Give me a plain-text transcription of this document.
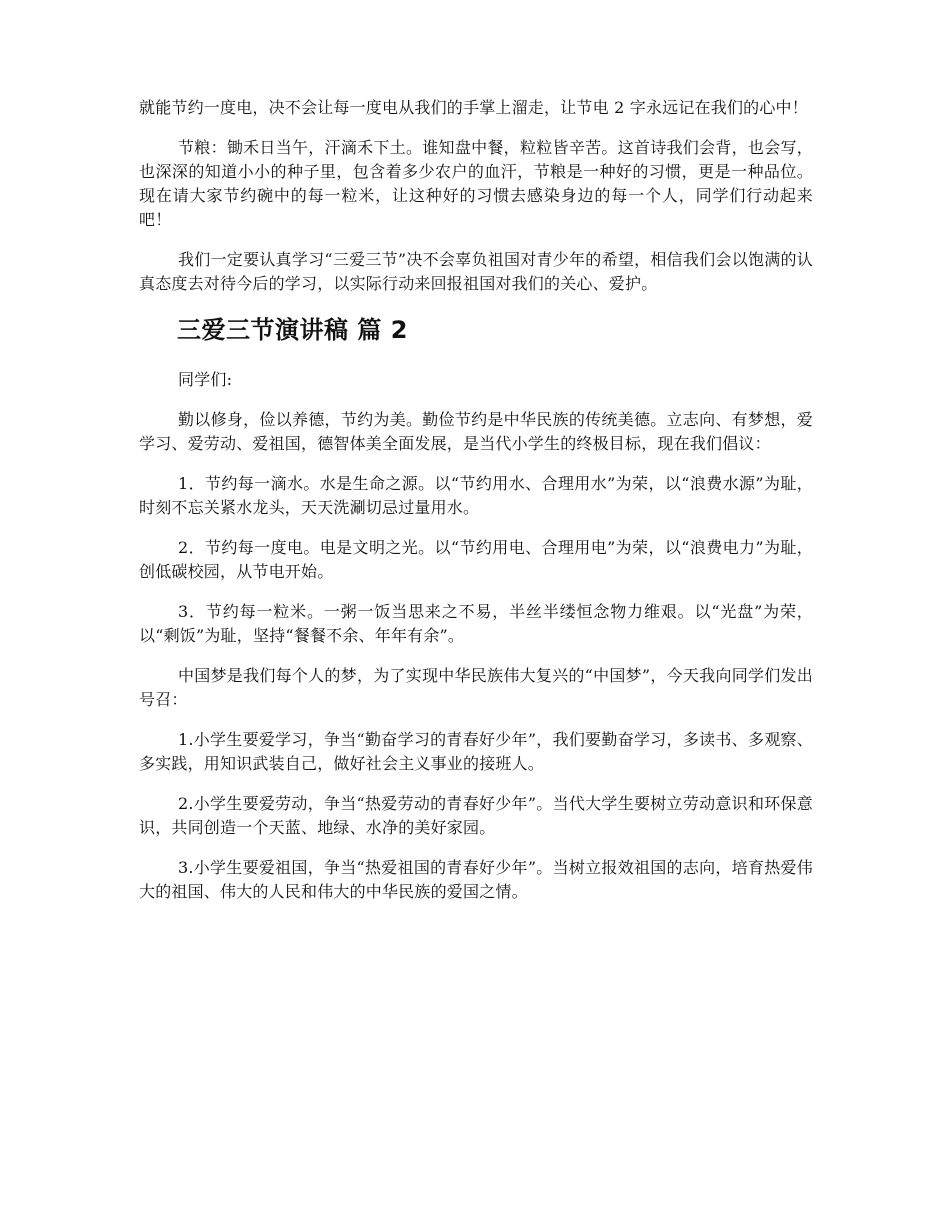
就能节约一度电，决不会让每一度电从我们的手掌上溜走，让节电 2 字永远记在我们的心中！

节粮：锄禾日当午，汗滴禾下土。谁知盘中餐，粒粒皆辛苦。这首诗我们会背，也会写，也深深的知道小小的种子里，包含着多少农户的血汗，节粮是一种好的习惯，更是一种品位。现在请大家节约碗中的每一粒米，让这种好的习惯去感染身边的每一个人，同学们行动起来吧！

我们一定要认真学习“三爱三节”决不会辜负祖国对青少年的希望，相信我们会以饱满的认真态度去对待今后的学习，以实际行动来回报祖国对我们的关心、爱护。

三爱三节演讲稿 篇 2

同学们:

勤以修身，俭以养德，节约为美。勤俭节约是中华民族的传统美德。立志向、有梦想，爱学习、爱劳动、爱祖国，德智体美全面发展，是当代小学生的终极目标，现在我们倡议：

1．节约每一滴水。水是生命之源。以“节约用水、合理用水”为荣，以“浪费水源”为耻，时刻不忘关紧水龙头，天天洗涮切忌过量用水。

2．节约每一度电。电是文明之光。以“节约用电、合理用电”为荣，以“浪费电力”为耻，创低碳校园，从节电开始。

3．节约每一粒米。一粥一饭当思来之不易，半丝半缕恒念物力维艰。以“光盘”为荣，以“剩饭”为耻，坚持“餐餐不余、年年有余”。

中国梦是我们每个人的梦，为了实现中华民族伟大复兴的“中国梦”，今天我向同学们发出号召：

1.小学生要爱学习，争当“勤奋学习的青春好少年”，我们要勤奋学习，多读书、多观察、多实践，用知识武装自己，做好社会主义事业的接班人。

2.小学生要爱劳动，争当“热爱劳动的青春好少年”。当代大学生要树立劳动意识和环保意识，共同创造一个天蓝、地绿、水净的美好家园。

3.小学生要爱祖国，争当“热爱祖国的青春好少年”。当树立报效祖国的志向，培育热爱伟大的祖国、伟大的人民和伟大的中华民族的爱国之情。
